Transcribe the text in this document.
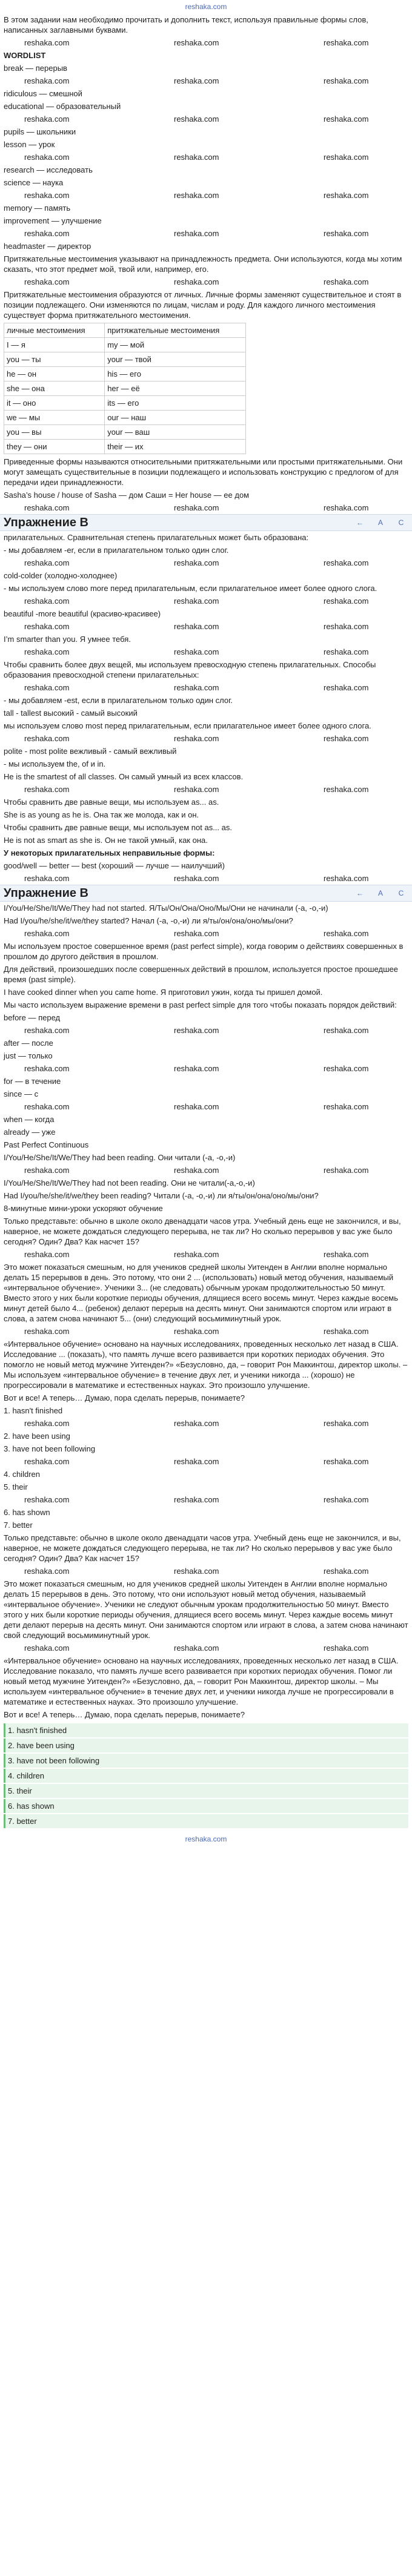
reshaka.com

В этом задании нам необходимо прочитать и дополнить текст, используя правильные формы слов, написанных заглавными буквами.

reshaka.com	reshaka.com	reshaka.com

WORDLIST

break — перерыв

reshaka.com	reshaka.com	reshaka.com

ridiculous — смешной

educational — образовательный

reshaka.com	reshaka.com	reshaka.com

pupils — школьники

lesson — урок

reshaka.com	reshaka.com	reshaka.com

research — исследовать

science — наука

reshaka.com	reshaka.com	reshaka.com

memory — память

improvement — улучшение

reshaka.com	reshaka.com	reshaka.com

headmaster — директор

Притяжательные местоимения указывают на принадлежность предмета. Они используются, когда мы хотим сказать, что этот предмет мой, твой или, например, его.

reshaka.com	reshaka.com	reshaka.com

Притяжательные местоимения образуются от личных. Личные формы заменяют существительное и стоят в позиции подлежащего. Они изменяются по лицам, числам и роду. Для каждого личного местоимения существует форма притяжательного местоимения.

личные местоимения	притяжательные местоимения
I — я	my — мой
you — ты	your — твой
he — он	his — его
she — она	her — её
it — оно	its — его
we — мы	our — наш
you — вы	your — ваш
they — они	their — их

Приведенные формы называются относительными притяжательными или простыми притяжательными. Они могут замещать существительные в позиции подлежащего и использовать конструкцию с предлогом of для передачи идеи принадлежности.

Sasha’s house / house of Sasha — дом Саши = Her house — ее дом

reshaka.com	reshaka.com	reshaka.com
Упражнение В	←	А	С

прилагательных. Сравнительная степень прилагательных может быть образована:

- мы добавляем -er, если в прилагательном только один слог.

reshaka.com	reshaka.com	reshaka.com

cold-colder (холодно-холоднее)

- мы используем слово more перед прилагательным, если прилагательное имеет более одного слога.

reshaka.com	reshaka.com	reshaka.com

beautiful -more beautiful (красиво-красивее)

reshaka.com	reshaka.com	reshaka.com

I’m smarter than you. Я умнее тебя.

reshaka.com	reshaka.com	reshaka.com

Чтобы сравнить более двух вещей, мы используем превосходную степень прилагательных. Способы образования превосходной степени прилагательных:

reshaka.com	reshaka.com	reshaka.com

- мы добавляем -est, если в прилагательном только один слог.

tall - tallest высокий - самый высокий

мы используем слово most перед прилагательным, если прилагательное имеет более одного слога.

reshaka.com	reshaka.com	reshaka.com

polite - most polite вежливый - самый вежливый

- мы используем the, of и in.

He is the smartest of all classes. Он самый умный из всех классов.

reshaka.com	reshaka.com	reshaka.com

Чтобы сравнить две равные вещи, мы используем as... as.

She is as young as he is. Она так же молода, как и он.

Чтобы сравнить две равные вещи, мы используем not as... as.

He is not as smart as she is. Он не такой умный, как она.

У некоторых прилагательных неправильные формы:

good/well — better — best (хороший — лучше — наилучший)

reshaka.com	reshaka.com	reshaka.com
Упражнение В	←	А	С

I/You/He/She/It/We/They had not started. Я/Ты/Он/Она/Оно/Мы/Они не начинали (-а, -о,-и)

Had I/you/he/she/it/we/they started? Начал (-а, -о,-и) ли я/ты/он/она/оно/мы/они?

reshaka.com	reshaka.com	reshaka.com

Мы используем простое совершенное время (past perfect simple), когда говорим о действиях совершенных в прошлом до другого действия в прошлом.

Для действий, произошедших после совершенных действий в прошлом, используется простое прошедшее время (past simple).

I have cooked dinner when you came home. Я приготовил ужин, когда ты пришел домой.

Мы часто используем выражение времени в past perfect simple для того чтобы показать порядок действий:

before — перед

reshaka.com	reshaka.com	reshaka.com

after — после

just — только

reshaka.com	reshaka.com	reshaka.com

for — в течение

since — с

reshaka.com	reshaka.com	reshaka.com

when — когда

already — уже

Past Perfect Continuous

I/You/He/She/It/We/They had been reading. Они читали (-а, -о,-и)

reshaka.com	reshaka.com	reshaka.com

I/You/He/She/It/We/They had not been reading. Они не читали(-а,-о,-и)

Had I/you/he/she/it/we/they been reading? Читали (-а, -о,-и) ли я/ты/он/она/оно/мы/они?

8-минутные мини-уроки ускоряют обучение

Только представьте: обычно в школе около двенадцати часов утра. Учебный день еще не закончился, и вы, наверное, не можете дождаться следующего перерыва, не так ли? Но сколько перерывов у вас уже было сегодня? Один? Два? Как насчет 15?

reshaka.com	reshaka.com	reshaka.com

Это может показаться смешным, но для учеников средней школы Уитенден в Англии вполне нормально делать 15 перерывов в день. Это потому, что они 2 ... (использовать) новый метод обучения, называемый «интервальное обучение». Ученики 3... (не следовать) обычным урокам продолжительностью 50 минут. Вместо этого у них были короткие периоды обучения, длящиеся всего восемь минут. Через каждые восемь минут детей было 4... (ребенок) делают перерыв на десять минут. Они занимаются спортом или играют в слова, а затем снова начинают 5... (они) следующий восьмиминутный урок.

reshaka.com	reshaka.com	reshaka.com

«Интервальное обучение» основано на научных исследованиях, проведенных несколько лет назад в США. Исследование ... (показать), что память лучше всего развивается при коротких периодах обучения. Это помогло не новый метод мужчине Уитенден?» «Безусловно, да, – говорит Рон Маккинтош, директор школы. – Мы используем «интервальное обучение» в течение двух лет, и ученики никогда ... (хорошо) не прогрессировали в математике и естественных науках. Это произошло улучшение.

Вот и все! А теперь… Думаю, пора сделать перерыв, понимаете?

1. hasn't finished

reshaka.com	reshaka.com	reshaka.com

2. have been using

3. have not been following

reshaka.com	reshaka.com	reshaka.com

4. children

5. their

reshaka.com	reshaka.com	reshaka.com

6. has shown

7. better

Только представьте: обычно в школе около двенадцати часов утра. Учебный день еще не закончился, и вы, наверное, не можете дождаться следующего перерыва, не так ли? Но сколько перерывов у вас уже было сегодня? Один? Два? Как насчет 15?

reshaka.com	reshaka.com	reshaka.com

Это может показаться смешным, но для учеников средней школы Уитенден в Англии вполне нормально делать 15 перерывов в день. Это потому, что они используют новый метод обучения, называемый «интервальное обучение». Ученики не следуют обычным урокам продолжительностью 50 минут. Вместо этого у них были короткие периоды обучения, длящиеся всего восемь минут. Через каждые восемь минут дети делают перерыв на десять минут. Они занимаются спортом или играют в слова, а затем снова начинают свой следующий восьмиминутный урок.

reshaka.com	reshaka.com	reshaka.com

«Интервальное обучение» основано на научных исследованиях, проведенных несколько лет назад в США. Исследование показало, что память лучше всего развивается при коротких периодах обучения. Помог ли новый метод мужчине Уитенден?» «Безусловно, да, – говорит Рон Маккинтош, директор школы. – Мы используем «интервальное обучение» в течение двух лет, и ученики никогда лучше не прогрессировали в математике и естественных науках. Это произошло улучшение.

Вот и все! А теперь… Думаю, пора сделать перерыв, понимаете?

1. hasn't finished
2. have been using
3. have not been following
4. children
5. their
6. has shown
7. better
reshaka.com
